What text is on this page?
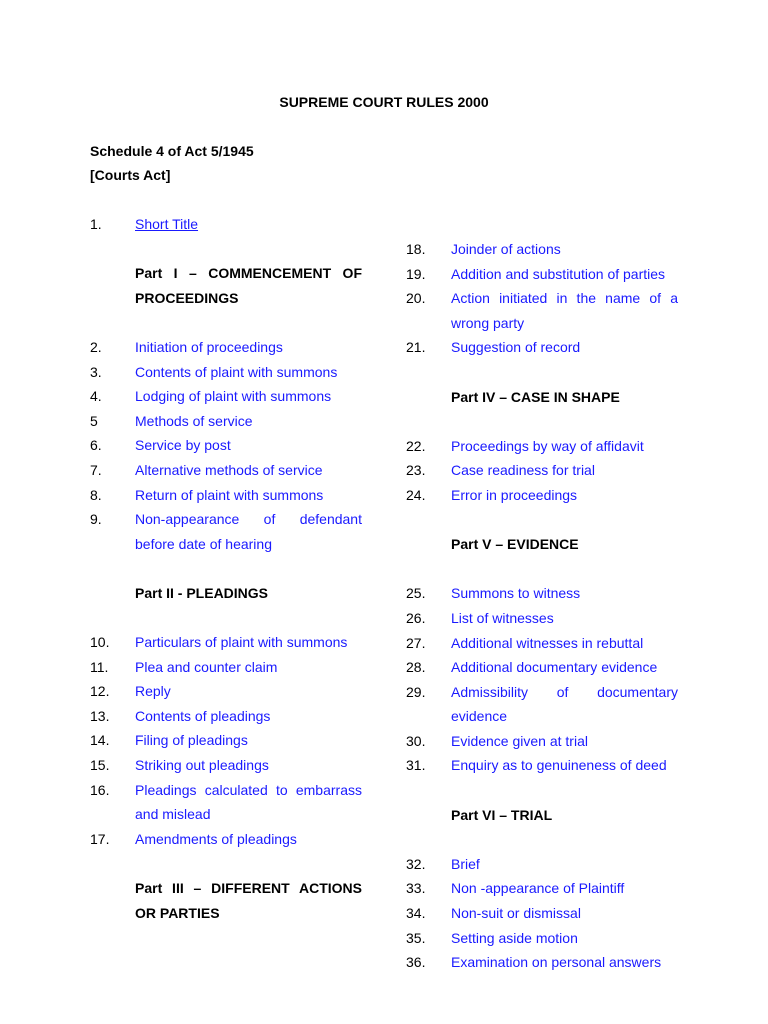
SUPREME COURT RULES 2000
Schedule 4 of Act 5/1945
[Courts Act]
1.	Short Title
Part I – COMMENCEMENT OF PROCEEDINGS
2.	Initiation of proceedings
3.	Contents of plaint with summons
4.	Lodging of plaint with summons
5	Methods of service
6.	Service by post
7.	Alternative methods of service
8.	Return of plaint with summons
9.	Non-appearance of defendant before date of hearing
Part II - PLEADINGS
10.	Particulars of plaint with summons
11.	Plea and counter claim
12.	Reply
13.	Contents of pleadings
14.	Filing of pleadings
15.	Striking out pleadings
16.	Pleadings calculated to embarrass and mislead
17.	Amendments of pleadings
Part III – DIFFERENT ACTIONS OR PARTIES
18.	Joinder of actions
19.	Addition and substitution of parties
20.	Action initiated in the name of a wrong party
21.	Suggestion of record
Part IV – CASE IN SHAPE
22.	Proceedings by way of affidavit
23.	Case readiness for trial
24.	Error in proceedings
Part V – EVIDENCE
25.	Summons to witness
26.	List of witnesses
27.	Additional witnesses in rebuttal
28.	Additional documentary evidence
29.	Admissibility of documentary evidence
30.	Evidence given at trial
31.	Enquiry as to genuineness of deed
Part VI – TRIAL
32.	Brief
33.	Non -appearance of Plaintiff
34.	Non-suit or dismissal
35.	Setting aside motion
36.	Examination on personal answers
